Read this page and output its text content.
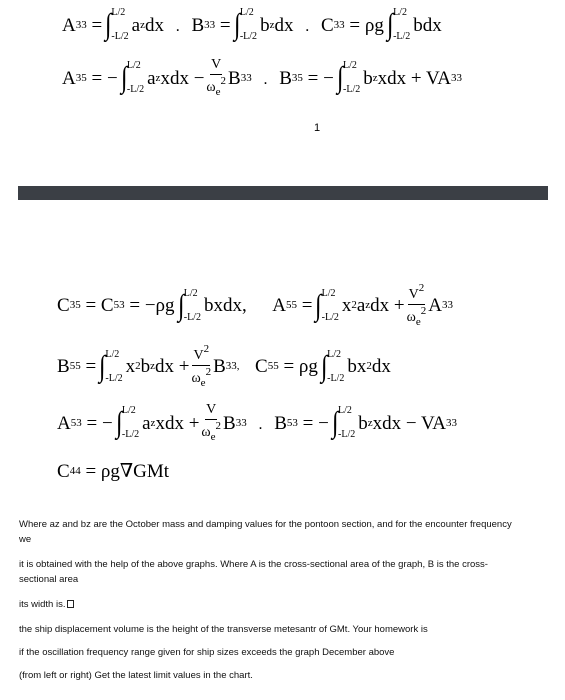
A 33 = ∫ L/2
-L/2
a z dx . B 33 = ∫ L/2
-L/2
b z dx . C 33 = ρg ∫ L/2
-L/2
bdx
A 35 = − ∫ L/2
-L/2
a z xdx
− $\frac{V}{\omega_e^2}$ B 33 . B 35 = − ∫ L/2
-L/2
b z xdx + VA 33
1
C 35 = C 53 = −ρg ∫ L/2
-L/2
bxdx,
A 55 = ∫ L/2
-L/2
x 2 a z dx + $\frac{V^2}{\omega_e^2}$ A 33
B 55 = ∫ L/2
-L/2
x 2 b z dx + $\frac{V^2}{\omega_e^2}$ B 33,
C 55 = ρg ∫ L/2
-L/2
bx 2 dx
A 53 = − ∫ L/2
-L/2
a z xdx + $\frac{V}{\omega_e^2}$ B 33 . B 53 = − ∫ L/2
-L/2
b z xdx − VA 33
C 44
= ρg∇GMt
Where az and bz are the October mass and damping values for the pontoon section, and for the encounter frequency we
it is obtained with the help of the above graphs. Where A is the cross-sectional area of the graph, B is the cross-sectional area
its width is.
the ship displacement volume is the height of the transverse metesantr of GMt. Your homework is
if the oscillation frequency range given for ship sizes exceeds the graph December above
(from left or right) Get the latest limit values in the chart.
